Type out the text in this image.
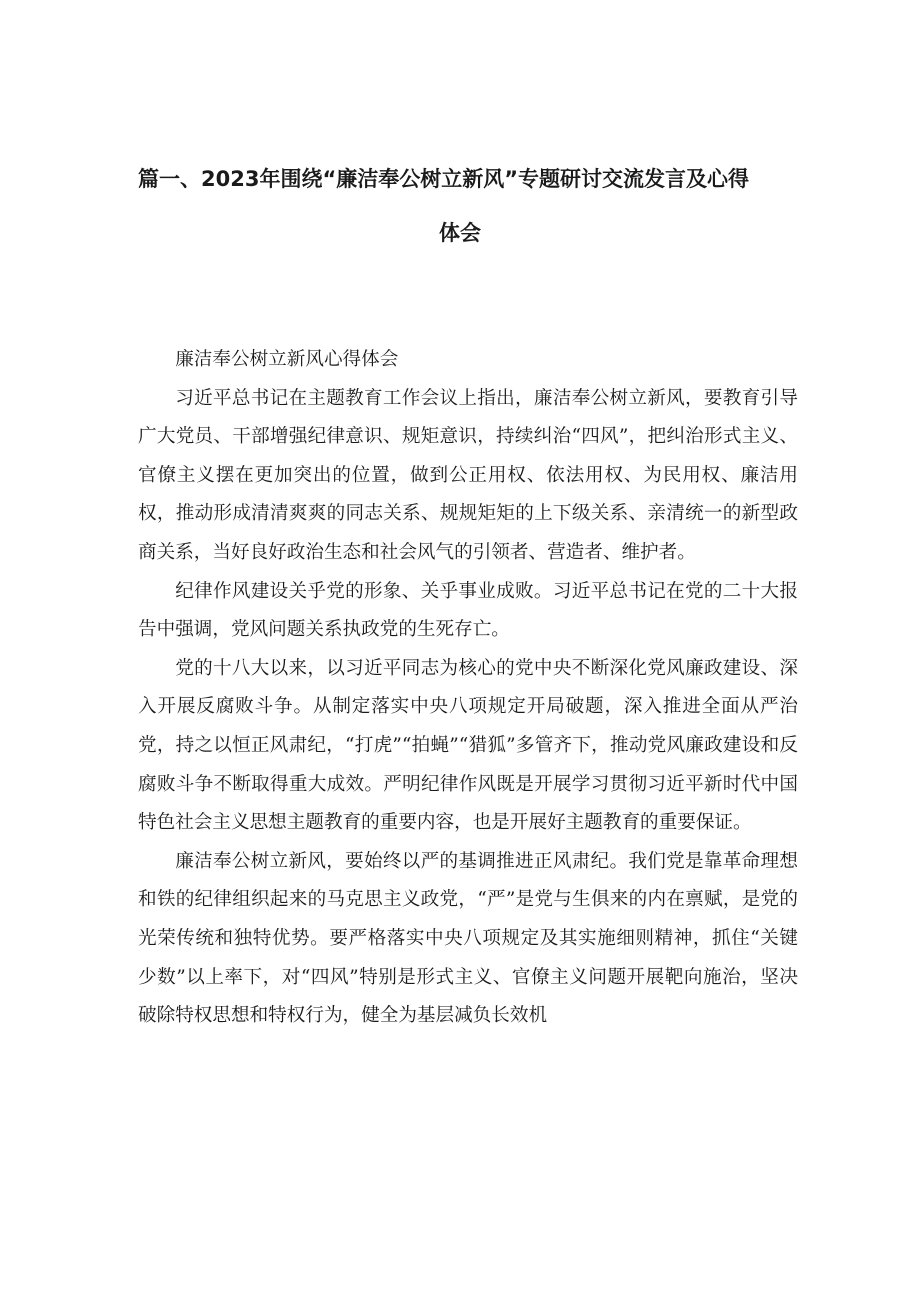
篇一、2023年围绕“廉洁奉公树立新风”专题研讨交流发言及心得
体会

廉洁奉公树立新风心得体会

习近平总书记在主题教育工作会议上指出，廉洁奉公树立新风，要教育引导广大党员、干部增强纪律意识、规矩意识，持续纠治“四风”，把纠治形式主义、官僚主义摆在更加突出的位置，做到公正用权、依法用权、为民用权、廉洁用权，推动形成清清爽爽的同志关系、规规矩矩的上下级关系、亲清统一的新型政商关系，当好良好政治生态和社会风气的引领者、营造者、维护者。

纪律作风建设关乎党的形象、关乎事业成败。习近平总书记在党的二十大报告中强调，党风问题关系执政党的生死存亡。

党的十八大以来，以习近平同志为核心的党中央不断深化党风廉政建设、深入开展反腐败斗争。从制定落实中央八项规定开局破题，深入推进全面从严治党，持之以恒正风肃纪，“打虎”“拍蝇”“猎狐”多管齐下，推动党风廉政建设和反腐败斗争不断取得重大成效。严明纪律作风既是开展学习贯彻习近平新时代中国特色社会主义思想主题教育的重要内容，也是开展好主题教育的重要保证。

廉洁奉公树立新风，要始终以严的基调推进正风肃纪。我们党是靠革命理想和铁的纪律组织起来的马克思主义政党，“严”是党与生俱来的内在禀赋，是党的光荣传统和独特优势。要严格落实中央八项规定及其实施细则精神，抓住“关键少数”以上率下，对“四风”特别是形式主义、官僚主义问题开展靶向施治，坚决破除特权思想和特权行为，健全为基层减负长效机
